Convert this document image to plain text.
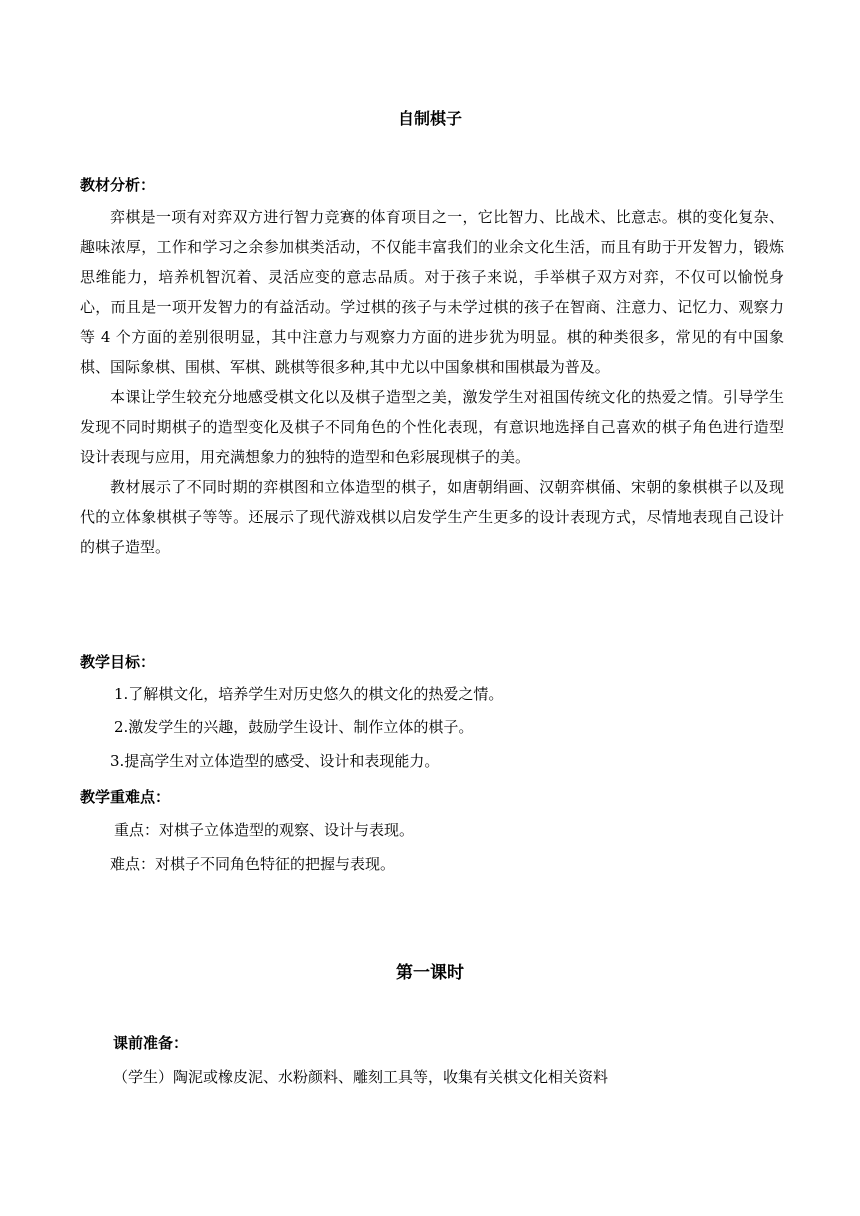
自制棋子
教材分析：

弈棋是一项有对弈双方进行智力竞赛的体育项目之一，它比智力、比战术、比意志。棋的变化复杂、趣味浓厚，工作和学习之余参加棋类活动，不仅能丰富我们的业余文化生活，而且有助于开发智力，锻炼思维能力，培养机智沉着、灵活应变的意志品质。对于孩子来说，手举棋子双方对弈，不仅可以愉悦身心，而且是一项开发智力的有益活动。学过棋的孩子与未学过棋的孩子在智商、注意力、记忆力、观察力等 4 个方面的差别很明显，其中注意力与观察力方面的进步犹为明显。棋的种类很多，常见的有中国象棋、国际象棋、围棋、军棋、跳棋等很多种,其中尤以中国象棋和围棋最为普及。

本课让学生较充分地感受棋文化以及棋子造型之美，激发学生对祖国传统文化的热爱之情。引导学生发现不同时期棋子的造型变化及棋子不同角色的个性化表现，有意识地选择自己喜欢的棋子角色进行造型设计表现与应用，用充满想象力的独特的造型和色彩展现棋子的美。

教材展示了不同时期的弈棋图和立体造型的棋子，如唐朝绢画、汉朝弈棋俑、宋朝的象棋棋子以及现代的立体象棋棋子等等。还展示了现代游戏棋以启发学生产生更多的设计表现方式，尽情地表现自己设计的棋子造型。

教学目标：
1.了解棋文化，培养学生对历史悠久的棋文化的热爱之情。
2.激发学生的兴趣，鼓励学生设计、制作立体的棋子。
3.提高学生对立体造型的感受、设计和表现能力。
教学重难点：
重点：对棋子立体造型的观察、设计与表现。
难点：对棋子不同角色特征的把握与表现。
第一课时
课前准备：
（学生）陶泥或橡皮泥、水粉颜料、雕刻工具等，收集有关棋文化相关资料
